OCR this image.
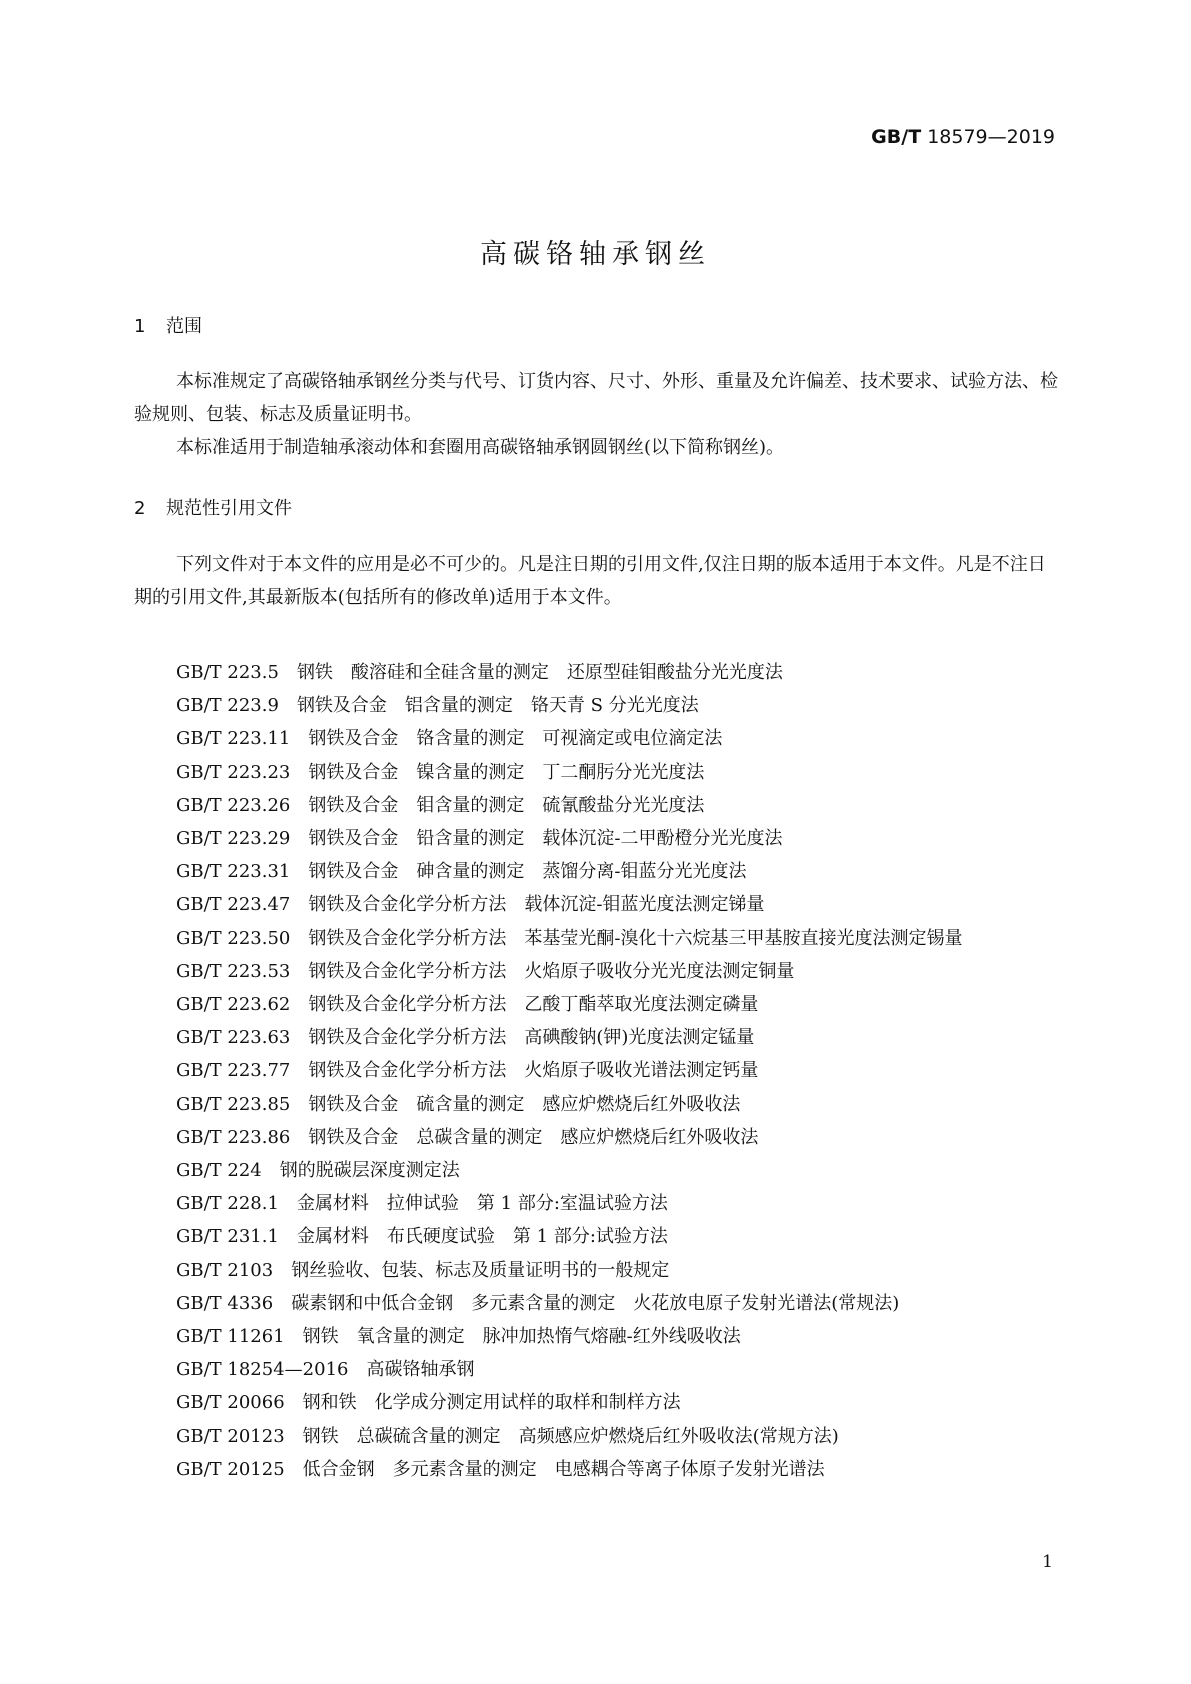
GB/T 18579—2019
高碳铬轴承钢丝
1 范围

本标准规定了高碳铬轴承钢丝分类与代号、订货内容、尺寸、外形、重量及允许偏差、技术要求、试验方法、检验规则、包装、标志及质量证明书。

本标准适用于制造轴承滚动体和套圈用高碳铬轴承钢圆钢丝(以下简称钢丝)。

2 规范性引用文件

下列文件对于本文件的应用是必不可少的。凡是注日期的引用文件,仅注日期的版本适用于本文件。凡是不注日期的引用文件,其最新版本(包括所有的修改单)适用于本文件。

GB/T 223.5 钢铁　酸溶硅和全硅含量的测定　还原型硅钼酸盐分光光度法
GB/T 223.9 钢铁及合金　铝含量的测定　铬天青 S 分光光度法
GB/T 223.11 钢铁及合金　铬含量的测定　可视滴定或电位滴定法
GB/T 223.23 钢铁及合金　镍含量的测定　丁二酮肟分光光度法
GB/T 223.26 钢铁及合金　钼含量的测定　硫氰酸盐分光光度法
GB/T 223.29 钢铁及合金　铅含量的测定　载体沉淀-二甲酚橙分光光度法
GB/T 223.31 钢铁及合金　砷含量的测定　蒸馏分离-钼蓝分光光度法
GB/T 223.47 钢铁及合金化学分析方法　载体沉淀-钼蓝光度法测定锑量
GB/T 223.50 钢铁及合金化学分析方法　苯基莹光酮-溴化十六烷基三甲基胺直接光度法测定锡量
GB/T 223.53 钢铁及合金化学分析方法　火焰原子吸收分光光度法测定铜量
GB/T 223.62 钢铁及合金化学分析方法　乙酸丁酯萃取光度法测定磷量
GB/T 223.63 钢铁及合金化学分析方法　高碘酸钠(钾)光度法测定锰量
GB/T 223.77 钢铁及合金化学分析方法　火焰原子吸收光谱法测定钙量
GB/T 223.85 钢铁及合金　硫含量的测定　感应炉燃烧后红外吸收法
GB/T 223.86 钢铁及合金　总碳含量的测定　感应炉燃烧后红外吸收法
GB/T 224 钢的脱碳层深度测定法
GB/T 228.1 金属材料　拉伸试验　第 1 部分:室温试验方法
GB/T 231.1 金属材料　布氏硬度试验　第 1 部分:试验方法
GB/T 2103 钢丝验收、包装、标志及质量证明书的一般规定
GB/T 4336 碳素钢和中低合金钢　多元素含量的测定　火花放电原子发射光谱法(常规法)
GB/T 11261 钢铁　氧含量的测定　脉冲加热惰气熔融-红外线吸收法
GB/T 18254—2016 高碳铬轴承钢
GB/T 20066 钢和铁　化学成分测定用试样的取样和制样方法
GB/T 20123 钢铁　总碳硫含量的测定　高频感应炉燃烧后红外吸收法(常规方法)
GB/T 20125 低合金钢　多元素含量的测定　电感耦合等离子体原子发射光谱法
1
